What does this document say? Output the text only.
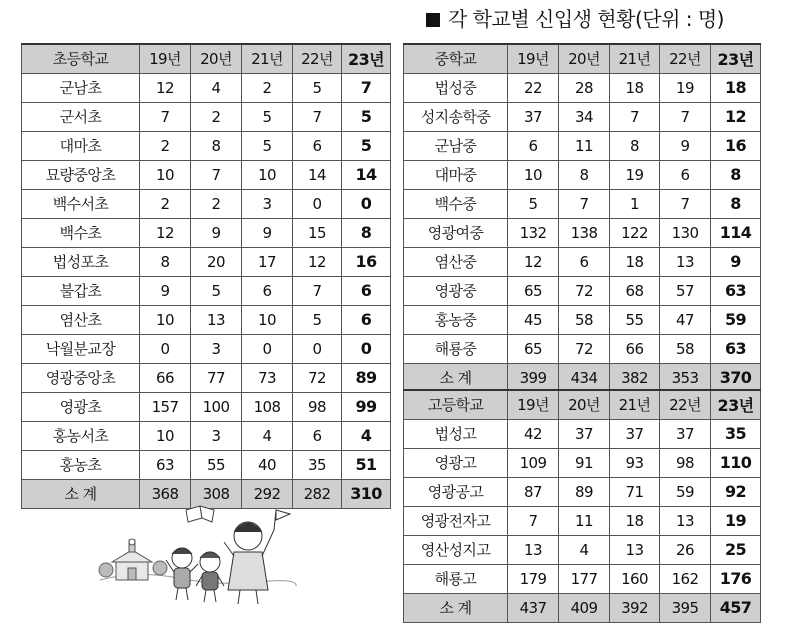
각 학교별 신입생 현황(단위 : 명)
초등학교	19년	20년	21년	22년	23년
군남초	12	4	2	5	7
군서초	7	2	5	7	5
대마초	2	8	5	6	5
묘량중앙초	10	7	10	14	14
백수서초	2	2	3	0	0
백수초	12	9	9	15	8
법성포초	8	20	17	12	16
불갑초	9	5	6	7	6
염산초	10	13	10	5	6
낙월분교장	0	3	0	0	0
영광중앙초	66	77	73	72	89
영광초	157	100	108	98	99
홍농서초	10	3	4	6	4
홍농초	63	55	40	35	51
소 계	368	308	292	282	310
중학교	19년	20년	21년	22년	23년
법성중	22	28	18	19	18
성지송학중	37	34	7	7	12
군남중	6	11	8	9	16
대마중	10	8	19	6	8
백수중	5	7	1	7	8
영광여중	132	138	122	130	114
염산중	12	6	18	13	9
영광중	65	72	68	57	63
홍농중	45	58	55	47	59
해룡중	65	72	66	58	63
소 계	399	434	382	353	370
고등학교	19년	20년	21년	22년	23년
법성고	42	37	37	37	35
영광고	109	91	93	98	110
영광공고	87	89	71	59	92
영광전자고	7	11	18	13	19
영산성지고	13	4	13	26	25
해룡고	179	177	160	162	176
소 계	437	409	392	395	457
